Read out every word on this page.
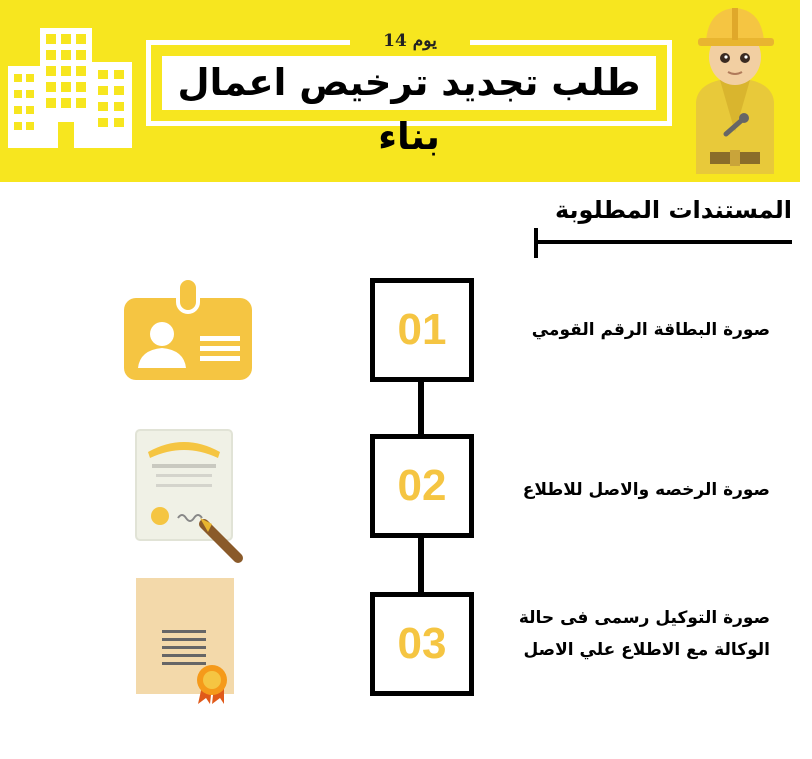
طلب تجديد ترخيص اعمال بناء
يوم 14
المستندات المطلوبة
01
02
03
صورة البطاقة الرقم القومي
صورة الرخصه والاصل للاطلاع
صورة التوكيل رسمى فى حالة
الوكالة مع الاطلاع علي الاصل
